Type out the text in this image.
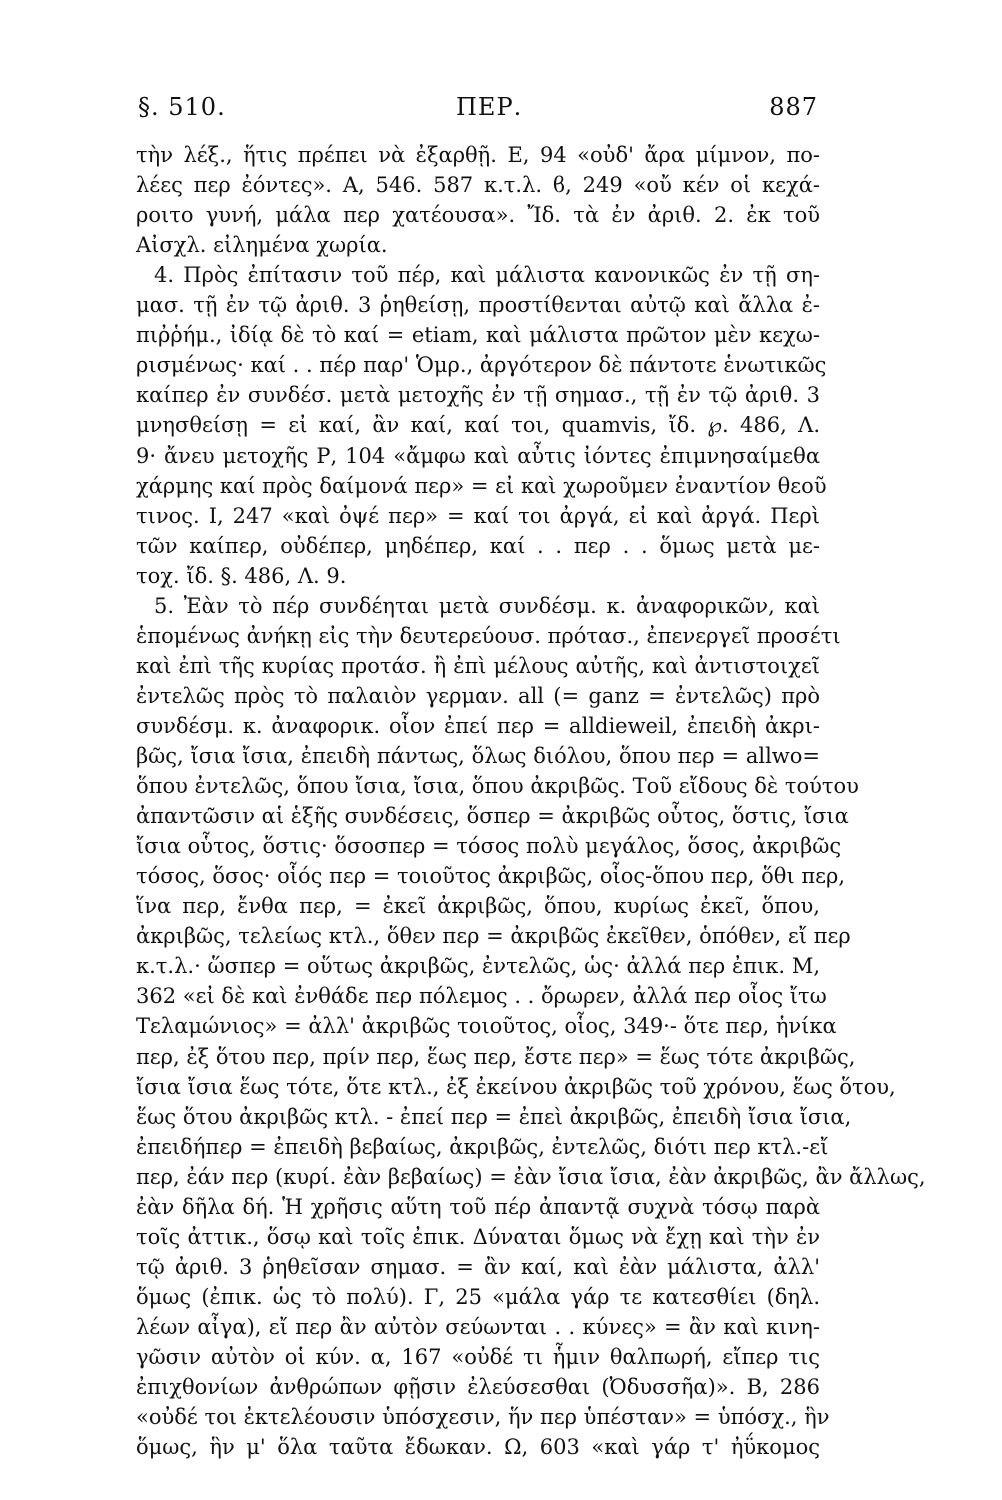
§. 510.	ΠΕΡ.	887
τὴν λέξ., ἥτις πρέπει νὰ ἐξαρθῇ. Ε, 94 «οὐδ' ἄρα μίμνον, πο-
λέες περ ἐόντες». Α, 546. 587 κ.τ.λ. ϐ, 249 «οὔ κέν οἱ κεχά-
ροιτο γυνή, μάλα περ χατέουσα». Ἴδ. τὰ ἐν ἀριθ. 2. ἐκ τοῦ
Αἰσχλ. εἰλημένα χωρία.
4. Πρὸς ἐπίτασιν τοῦ πέρ, καὶ μάλιστα κανονικῶς ἐν τῇ ση-
μασ. τῇ ἐν τῷ ἀριθ. 3 ῥηθείσῃ, προστίθενται αὐτῷ καὶ ἄλλα ἐ-
πιῤῥήμ., ἰδίᾳ δὲ τὸ καί = etiam, καὶ μάλιστα πρῶτον μὲν κεχω-
ρισμένως· καί . . πέρ παρ' Ὁμρ., ἀργότερον δὲ πάντοτε ἑνωτικῶς
καίπερ ἐν συνδέσ. μετὰ μετοχῆς ἐν τῇ σημασ., τῇ ἐν τῷ ἀριθ. 3
μνησθείσῃ = εἰ καί, ἂν καί, καί τοι, quamvis, ἴδ. ℘. 486, Λ.
9· ἄνευ μετοχῆς Ρ, 104 «ἄμφω καὶ αὖτις ἰόντες ἐπιμνησαίμεθα
χάρμης καί πρὸς δαίμονά περ» = εἰ καὶ χωροῦμεν ἐναντίον θεοῦ
τινος. Ι, 247 «καὶ ὀψέ περ» = καί τοι ἀργά, εἰ καὶ ἀργά. Περὶ
τῶν καίπερ, οὐδέπερ, μηδέπερ, καί . . περ . . ὅμως μετὰ με-
τοχ. ἴδ. §. 486, Λ. 9.
5. Ἐὰν τὸ πέρ συνδέηται μετὰ συνδέσμ. κ. ἀναφορικῶν, καὶ
ἑπομένως ἀνήκῃ εἰς τὴν δευτερεύουσ. πρότασ., ἐπενεργεῖ προσέτι
καὶ ἐπὶ τῆς κυρίας προτάσ. ἢ ἐπὶ μέλους αὐτῆς, καὶ ἀντιστοιχεῖ
ἐντελῶς πρὸς τὸ παλαιὸν γερμαν. all (= ganz = ἐντελῶς) πρὸ
συνδέσμ. κ. ἀναφορικ. οἷον ἐπεί περ = alldieweil, ἐπειδὴ ἀκρι-
βῶς, ἴσια ἴσια, ἐπειδὴ πάντως, ὅλως διόλου, ὅπου περ = allwo=
ὅπου ἐντελῶς, ὅπου ἴσια, ἴσια, ὅπου ἀκριβῶς. Τοῦ εἴδους δὲ τούτου
ἀπαντῶσιν αἱ ἑξῆς συνδέσεις, ὅσπερ = ἀκριβῶς οὗτος, ὅστις, ἴσια
ἴσια οὗτος, ὅστις· ὅσοσπερ = τόσος πολὺ μεγάλος, ὅσος, ἀκριβῶς
τόσος, ὅσος· οἷός περ = τοιοῦτος ἀκριβῶς, οἷος-ὅπου περ, ὅθι περ,
ἵνα περ, ἔνθα περ, = ἐκεῖ ἀκριβῶς, ὅπου, κυρίως ἐκεῖ, ὅπου,
ἀκριβῶς, τελείως κτλ., ὅθεν περ = ἀκριβῶς ἐκεῖθεν, ὁπόθεν, εἴ περ
κ.τ.λ.· ὥσπερ = οὕτως ἀκριβῶς, ἐντελῶς, ὡς· ἀλλά περ ἐπικ. Μ,
362 «εἰ δὲ καὶ ἐνθάδε περ πόλεμος . . ὄρωρεν, ἀλλά περ οἷος ἴτω
Τελαμώνιος» = ἀλλ' ἀκριβῶς τοιοῦτος, οἷος, 349·- ὅτε περ, ἡνίκα
περ, ἐξ ὅτου περ, πρίν περ, ἕως περ, ἔστε περ» = ἕως τότε ἀκριβῶς,
ἴσια ἴσια ἕως τότε, ὅτε κτλ., ἐξ ἐκείνου ἀκριβῶς τοῦ χρόνου, ἕως ὅτου,
ἕως ὅτου ἀκριβῶς κτλ. - ἐπεί περ = ἐπεὶ ἀκριβῶς, ἐπειδὴ ἴσια ἴσια,
ἐπειδήπερ = ἐπειδὴ βεβαίως, ἀκριβῶς, ἐντελῶς, διότι περ κτλ.-εἴ
περ, ἐάν περ (κυρί. ἐὰν βεβαίως) = ἐὰν ἴσια ἴσια, ἐὰν ἀκριβῶς, ἂν ἄλλως,
ἐὰν δῆλα δή. Ἡ χρῆσις αὕτη τοῦ πέρ ἀπαντᾷ συχνὰ τόσῳ παρὰ
τοῖς ἀττικ., ὅσῳ καὶ τοῖς ἐπικ. Δύναται ὅμως νὰ ἔχῃ καὶ τὴν ἐν
τῷ ἀριθ. 3 ῥηθεῖσαν σημασ. = ἂν καί, καὶ ἐὰν μάλιστα, ἀλλ'
ὅμως (ἐπικ. ὡς τὸ πολύ). Γ, 25 «μάλα γάρ τε κατεσθίει (δηλ.
λέων αἶγα), εἴ περ ἂν αὐτὸν σεύωνται . . κύνες» = ἂν καὶ κινη-
γῶσιν αὐτὸν οἱ κύν. α, 167 «οὐδέ τι ἧμιν θαλπωρή, εἴπερ τις
ἐπιχθονίων ἀνθρώπων φῇσιν ἐλεύσεσθαι (Ὀδυσσῆα)». Β, 286
«οὐδέ τοι ἐκτελέουσιν ὑπόσχεσιν, ἥν περ ὑπέσταν» = ὑπόσχ., ἣν
ὅμως, ἣν μ' ὅλα ταῦτα ἔδωκαν. Ω, 603 «καὶ γάρ τ' ἠΰκομος
